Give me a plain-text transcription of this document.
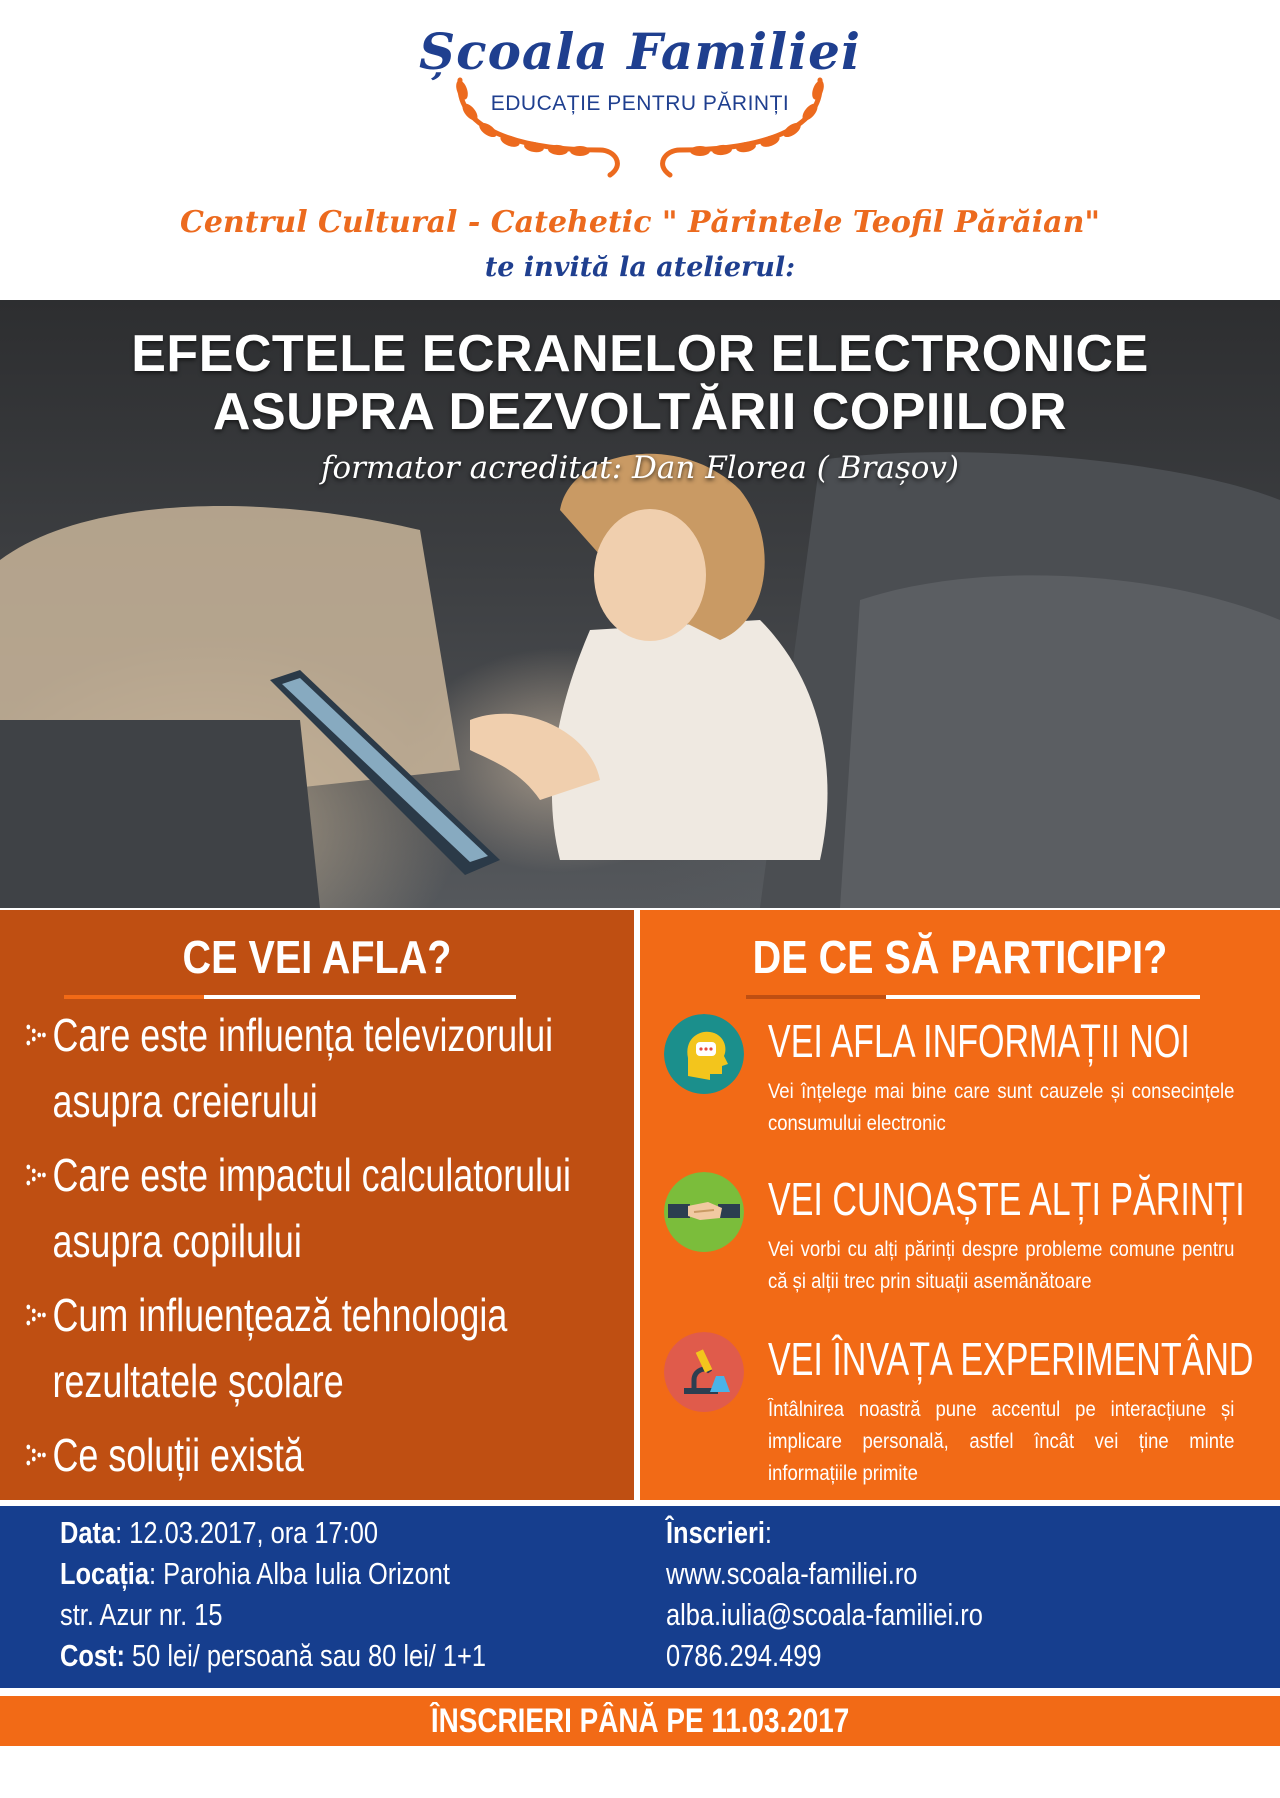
Școala Familiei
EDUCAȚIE PENTRU PĂRINȚI
Centrul Cultural - Catehetic " Părintele Teofil Părăian"
te invită la atelierul:
EFECTELE ECRANELOR ELECTRONICE
ASUPRA DEZVOLTĂRII COPIILOR
formator acreditat: Dan Florea ( Brașov)
CE VEI AFLA?
Care este influența televizorului
asupra creierului
Care este impactul calculatorului
asupra copilului
Cum influențează tehnologia
rezultatele școlare
Ce soluții există
DE CE SĂ PARTICIPI?
VEI AFLA INFORMAȚII NOI
Vei înțelege mai bine care sunt cauzele și consecințele consumului electronic
VEI CUNOAȘTE ALȚI PĂRINȚI
Vei vorbi cu alți părinți despre probleme comune pentru că și alții trec prin situații asemănătoare
VEI ÎNVAȚA EXPERIMENTÂND
Întâlnirea noastră pune accentul pe interacțiune și implicare personală, astfel încât vei ține minte informațiile primite
Data: 12.03.2017, ora 17:00
Locația: Parohia Alba Iulia Orizont
str. Azur nr. 15
Cost: 50 lei/ persoană sau 80 lei/ 1+1
Înscrieri:
www.scoala-familiei.ro
alba.iulia@scoala-familiei.ro
0786.294.499
ÎNSCRIERI PÂNĂ PE 11.03.2017
